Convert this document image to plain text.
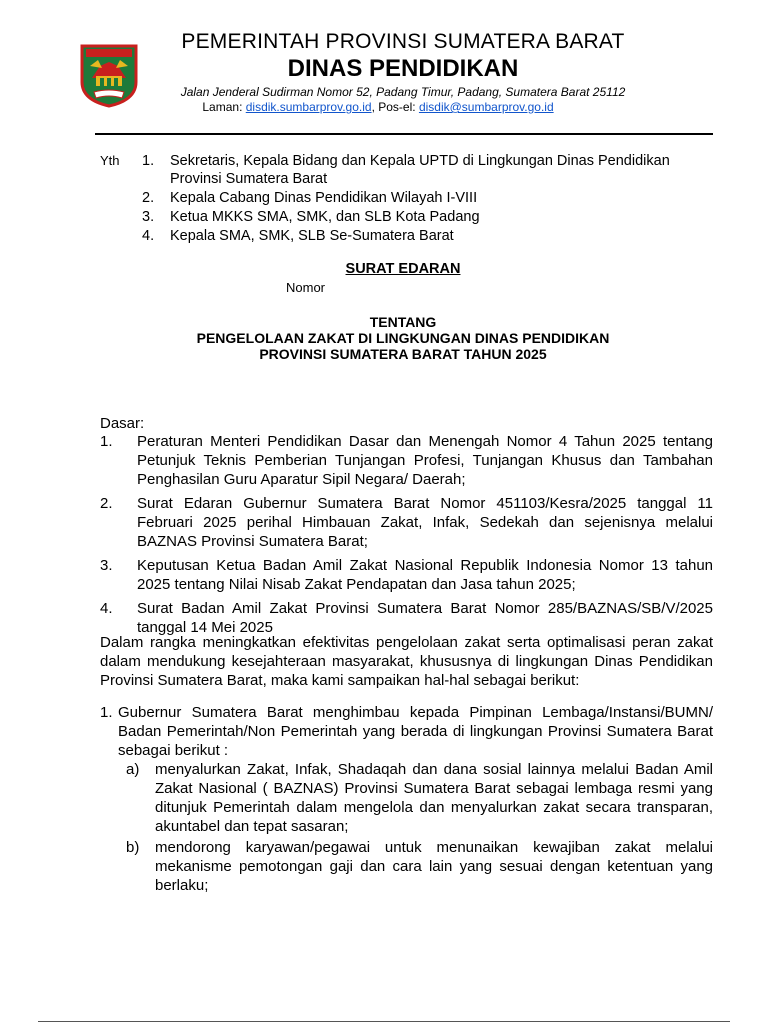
PEMERINTAH PROVINSI SUMATERA BARAT
DINAS PENDIDIKAN
Jalan Jenderal Sudirman Nomor 52, Padang Timur, Padang, Sumatera Barat 25112
Laman: disdik.sumbarprov.go.id, Pos-el: disdik@sumbarprov.go.id
Yth 1.	Sekretaris, Kepala Bidang dan Kepala UPTD di Lingkungan Dinas Pendidikan Provinsi Sumatera Barat
2.	Kepala Cabang Dinas Pendidikan Wilayah I-VIII
3.	Ketua MKKS SMA, SMK, dan SLB Kota Padang
4.	Kepala SMA, SMK, SLB Se-Sumatera Barat
SURAT EDARAN
Nomor
TENTANG
PENGELOLAAN ZAKAT DI LINGKUNGAN DINAS PENDIDIKAN
PROVINSI SUMATERA BARAT TAHUN 2025
Dasar:
1.	Peraturan Menteri Pendidikan Dasar dan Menengah Nomor 4 Tahun 2025 tentang Petunjuk Teknis Pemberian Tunjangan Profesi, Tunjangan Khusus dan Tambahan Penghasilan Guru Aparatur Sipil Negara/ Daerah;
2.	Surat Edaran Gubernur Sumatera Barat Nomor 451103/Kesra/2025 tanggal 11 Februari 2025 perihal Himbauan Zakat, Infak, Sedekah dan sejenisnya melalui BAZNAS Provinsi Sumatera Barat;
3.	Keputusan Ketua Badan Amil Zakat Nasional Republik Indonesia Nomor 13 tahun 2025 tentang Nilai Nisab Zakat Pendapatan dan Jasa tahun 2025;
4.	Surat Badan Amil Zakat Provinsi Sumatera Barat Nomor 285/BAZNAS/SB/V/2025 tanggal 14 Mei 2025
Dalam rangka meningkatkan efektivitas pengelolaan zakat serta optimalisasi peran zakat dalam mendukung kesejahteraan masyarakat, khususnya di lingkungan Dinas Pendidikan Provinsi Sumatera Barat, maka kami sampaikan hal-hal sebagai berikut:
1. Gubernur Sumatera Barat menghimbau kepada Pimpinan Lembaga/Instansi/BUMN/ Badan Pemerintah/Non Pemerintah yang berada di lingkungan Provinsi Sumatera Barat sebagai berikut :
a)	menyalurkan Zakat, Infak, Shadaqah dan dana sosial lainnya melalui Badan Amil Zakat Nasional ( BAZNAS) Provinsi Sumatera Barat sebagai lembaga resmi yang ditunjuk Pemerintah dalam mengelola dan menyalurkan zakat secara transparan, akuntabel dan tepat sasaran;
b)	mendorong karyawan/pegawai untuk menunaikan kewajiban zakat melalui mekanisme pemotongan gaji dan cara lain yang sesuai dengan ketentuan yang berlaku;
